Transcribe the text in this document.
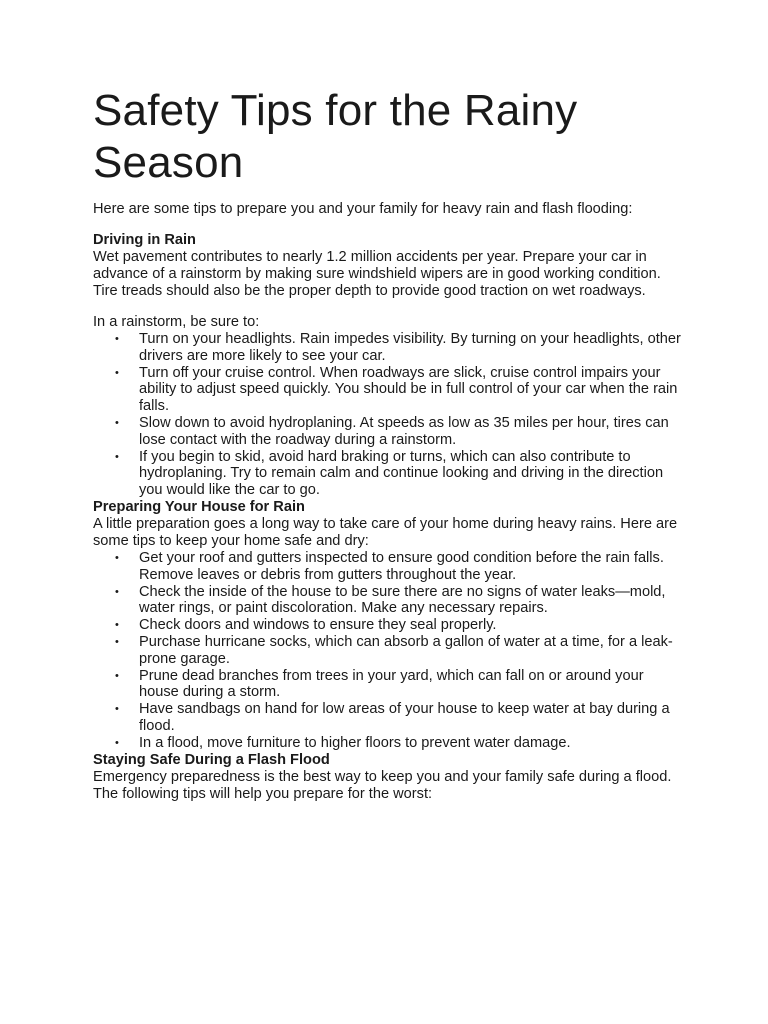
Safety Tips for the Rainy Season

Here are some tips to prepare you and your family for heavy rain and flash flooding:

Driving in Rain

Wet pavement contributes to nearly 1.2 million accidents per year. Prepare your car in advance of a rainstorm by making sure windshield wipers are in good working condition. Tire treads should also be the proper depth to provide good traction on wet roadways.

In a rainstorm, be sure to:

• Turn on your headlights. Rain impedes visibility. By turning on your headlights, other drivers are more likely to see your car.
• Turn off your cruise control. When roadways are slick, cruise control impairs your ability to adjust speed quickly. You should be in full control of your car when the rain falls.
• Slow down to avoid hydroplaning. At speeds as low as 35 miles per hour, tires can lose contact with the roadway during a rainstorm.
• If you begin to skid, avoid hard braking or turns, which can also contribute to hydroplaning. Try to remain calm and continue looking and driving in the direction you would like the car to go.

Preparing Your House for Rain

A little preparation goes a long way to take care of your home during heavy rains. Here are some tips to keep your home safe and dry:

• Get your roof and gutters inspected to ensure good condition before the rain falls. Remove leaves or debris from gutters throughout the year.
• Check the inside of the house to be sure there are no signs of water leaks—mold, water rings, or paint discoloration. Make any necessary repairs.
• Check doors and windows to ensure they seal properly.
• Purchase hurricane socks, which can absorb a gallon of water at a time, for a leak-prone garage.
• Prune dead branches from trees in your yard, which can fall on or around your house during a storm.
• Have sandbags on hand for low areas of your house to keep water at bay during a flood.
• In a flood, move furniture to higher floors to prevent water damage.

Staying Safe During a Flash Flood

Emergency preparedness is the best way to keep you and your family safe during a flood. The following tips will help you prepare for the worst:
